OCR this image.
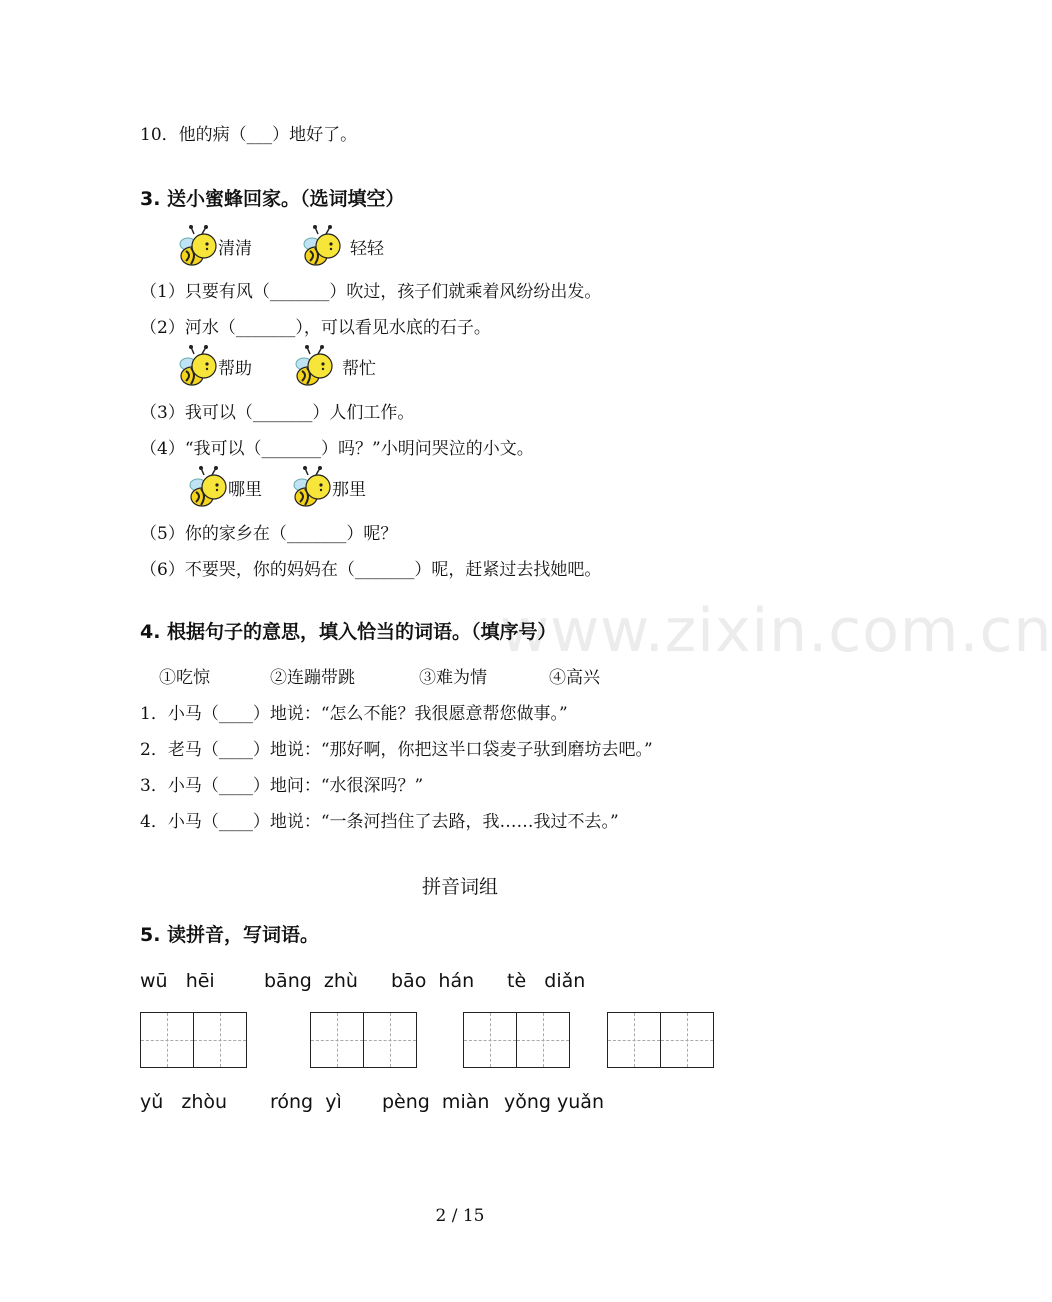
www.zixin.com.cn
10．他的病（___）地好了。
3. 送小蜜蜂回家。（选词填空）
清清	轻轻
（1）只要有风（_______）吹过，孩子们就乘着风纷纷出发。
（2）河水（_______），可以看见水底的石子。
帮助	帮忙
（3）我可以（_______）人们工作。
（4）“我可以（_______）吗？”小明问哭泣的小文。
哪里	那里
（5）你的家乡在（_______）呢？
（6）不要哭，你的妈妈在（_______）呢，赶紧过去找她吧。
4. 根据句子的意思，填入恰当的词语。（填序号）
①吃惊	②连蹦带跳	③难为情	④高兴
1．小马（____）地说：“怎么不能？我很愿意帮您做事。”
2．老马（____）地说：“那好啊，你把这半口袋麦子驮到磨坊去吧。”
3．小马（____）地问：“水很深吗？”
4．小马（____）地说：“一条河挡住了去路，我……我过不去。”
拼音词组
5. 读拼音，写词语。
wū   hēi	bāng  zhù bāo  hán tè   diǎn
yǔ   zhòu róng  yì pèng  miàn yǒng yuǎn
2 / 15
